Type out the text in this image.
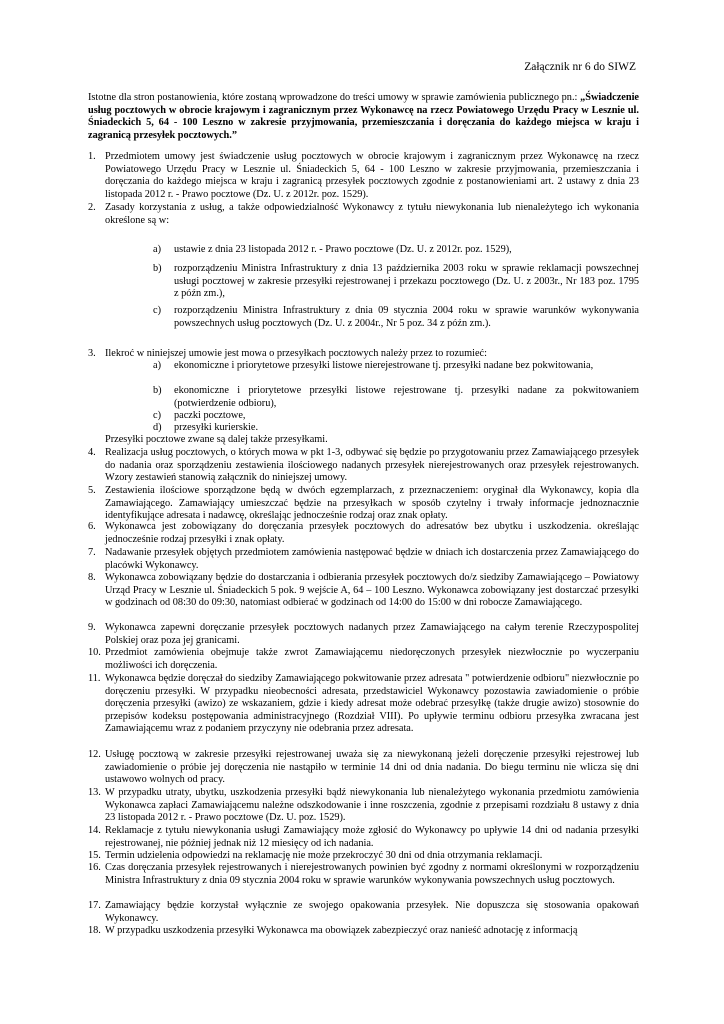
Załącznik nr 6 do SIWZ
Istotne dla stron postanowienia, które zostaną wprowadzone do treści umowy w sprawie zamówienia publicznego pn.: „Świadczenie usług pocztowych w obrocie krajowym i zagranicznym przez Wykonawcę na rzecz Powiatowego Urzędu Pracy w Lesznie ul. Śniadeckich 5, 64 - 100 Leszno w zakresie przyjmowania, przemieszczania i doręczania do każdego miejsca w kraju i zagranicą przesyłek pocztowych.”
1. Przedmiotem umowy jest świadczenie usług pocztowych w obrocie krajowym i zagranicznym przez Wykonawcę na rzecz Powiatowego Urzędu Pracy w Lesznie ul. Śniadeckich 5, 64 - 100 Leszno w zakresie przyjmowania, przemieszczania i doręczania do każdego miejsca w kraju i zagranicą przesyłek pocztowych zgodnie z postanowieniami art. 2 ustawy z dnia 23 listopada 2012 r. - Prawo pocztowe (Dz. U. z 2012r. poz. 1529).
2. Zasady korzystania z usług, a także odpowiedzialność Wykonawcy z tytułu niewykonania lub nienależytego ich wykonania określone są w:
a) ustawie z dnia 23 listopada 2012 r. - Prawo pocztowe (Dz. U. z 2012r. poz. 1529),
b) rozporządzeniu Ministra Infrastruktury z dnia 13 października 2003 roku w sprawie reklamacji powszechnej usługi pocztowej w zakresie przesyłki rejestrowanej i przekazu pocztowego (Dz. U. z 2003r., Nr 183 poz. 1795 z późn zm.),
c) rozporządzeniu Ministra Infrastruktury z dnia 09 stycznia 2004 roku w sprawie warunków wykonywania powszechnych usług pocztowych (Dz. U. z 2004r., Nr 5 poz. 34 z późn zm.).
3. Ilekroć w niniejszej umowie jest mowa o przesyłkach pocztowych należy przez to rozumieć:
a) ekonomiczne i priorytetowe przesyłki listowe nierejestrowane tj. przesyłki nadane bez pokwitowania,
b) ekonomiczne i priorytetowe przesyłki listowe rejestrowane tj. przesyłki nadane za pokwitowaniem (potwierdzenie odbioru),
c) paczki pocztowe,
d) przesyłki kurierskie.
Przesyłki pocztowe zwane są dalej także przesyłkami.
4. Realizacja usług pocztowych, o których mowa w pkt 1-3, odbywać się będzie po przygotowaniu przez Zamawiającego przesyłek do nadania oraz sporządzeniu zestawienia ilościowego nadanych przesyłek nierejestrowanych oraz przesyłek rejestrowanych. Wzory zestawień stanowią załącznik do niniejszej umowy.
5. Zestawienia ilościowe sporządzone będą w dwóch egzemplarzach, z przeznaczeniem: oryginał dla Wykonawcy, kopia dla Zamawiającego. Zamawiający umieszczać będzie na przesyłkach w sposób czytelny i trwały informacje jednoznacznie identyfikujące adresata i nadawcę, określając jednocześnie rodzaj oraz znak opłaty.
6. Wykonawca jest zobowiązany do doręczania przesyłek pocztowych do adresatów bez ubytku i uszkodzenia. określając jednocześnie rodzaj przesyłki i znak opłaty.
7. Nadawanie przesyłek objętych przedmiotem zamówienia następować będzie w dniach ich dostarczenia przez Zamawiającego do placówki Wykonawcy.
8. Wykonawca zobowiązany będzie do dostarczania i odbierania przesyłek pocztowych do/z siedziby Zamawiającego – Powiatowy Urząd Pracy w Lesznie ul. Śniadeckich 5 pok. 9 wejście A, 64 – 100 Leszno. Wykonawca zobowiązany jest dostarczać przesyłki w godzinach od 08:30 do 09:30, natomiast odbierać w godzinach od 14:00 do 15:00 w dni robocze Zamawiającego.
9. Wykonawca zapewni doręczanie przesyłek pocztowych nadanych przez Zamawiającego na całym terenie Rzeczypospolitej Polskiej oraz poza jej granicami.
10. Przedmiot zamówienia obejmuje także zwrot Zamawiającemu niedoręczonych przesyłek niezwłocznie po wyczerpaniu możliwości ich doręczenia.
11. Wykonawca będzie doręczał do siedziby Zamawiającego pokwitowanie przez adresata " potwierdzenie odbioru" niezwłocznie po doręczeniu przesyłki. W przypadku nieobecności adresata, przedstawiciel Wykonawcy pozostawia zawiadomienie o próbie doręczenia przesyłki (awizo) ze wskazaniem, gdzie i kiedy adresat może odebrać przesyłkę (także drugie awizo) stosownie do przepisów kodeksu postępowania administracyjnego (Rozdział VIII). Po upływie terminu odbioru przesyłka zwracana jest Zamawiającemu wraz z podaniem przyczyny nie odebrania przez adresata.
12. Usługę pocztową w zakresie przesyłki rejestrowanej uważa się za niewykonaną jeżeli doręczenie przesyłki rejestrowej lub zawiadomienie o próbie jej doręczenia nie nastąpiło w terminie 14 dni od dnia nadania. Do biegu terminu nie wlicza się dni ustawowo wolnych od pracy.
13. W przypadku utraty, ubytku, uszkodzenia przesyłki bądź niewykonania lub nienależytego wykonania przedmiotu zamówienia Wykonawca zapłaci Zamawiającemu należne odszkodowanie i inne roszczenia, zgodnie z przepisami rozdziału 8 ustawy z dnia 23 listopada 2012 r. - Prawo pocztowe (Dz. U. poz. 1529).
14. Reklamacje z tytułu niewykonania usługi Zamawiający może zgłosić do Wykonawcy po upływie 14 dni od nadania przesyłki rejestrowanej, nie później jednak niż 12 miesięcy od ich nadania.
15. Termin udzielenia odpowiedzi na reklamację nie może przekroczyć 30 dni od dnia otrzymania reklamacji.
16. Czas doręczania przesyłek rejestrowanych i nierejestrowanych powinien być zgodny z normami określonymi w rozporządzeniu Ministra Infrastruktury z dnia 09 stycznia 2004 roku w sprawie warunków wykonywania powszechnych usług pocztowych.
17. Zamawiający będzie korzystał wyłącznie ze swojego opakowania przesyłek. Nie dopuszcza się stosowania opakowań Wykonawcy.
18. W przypadku uszkodzenia przesyłki Wykonawca ma obowiązek zabezpieczyć oraz nanieść adnotację z informacją
